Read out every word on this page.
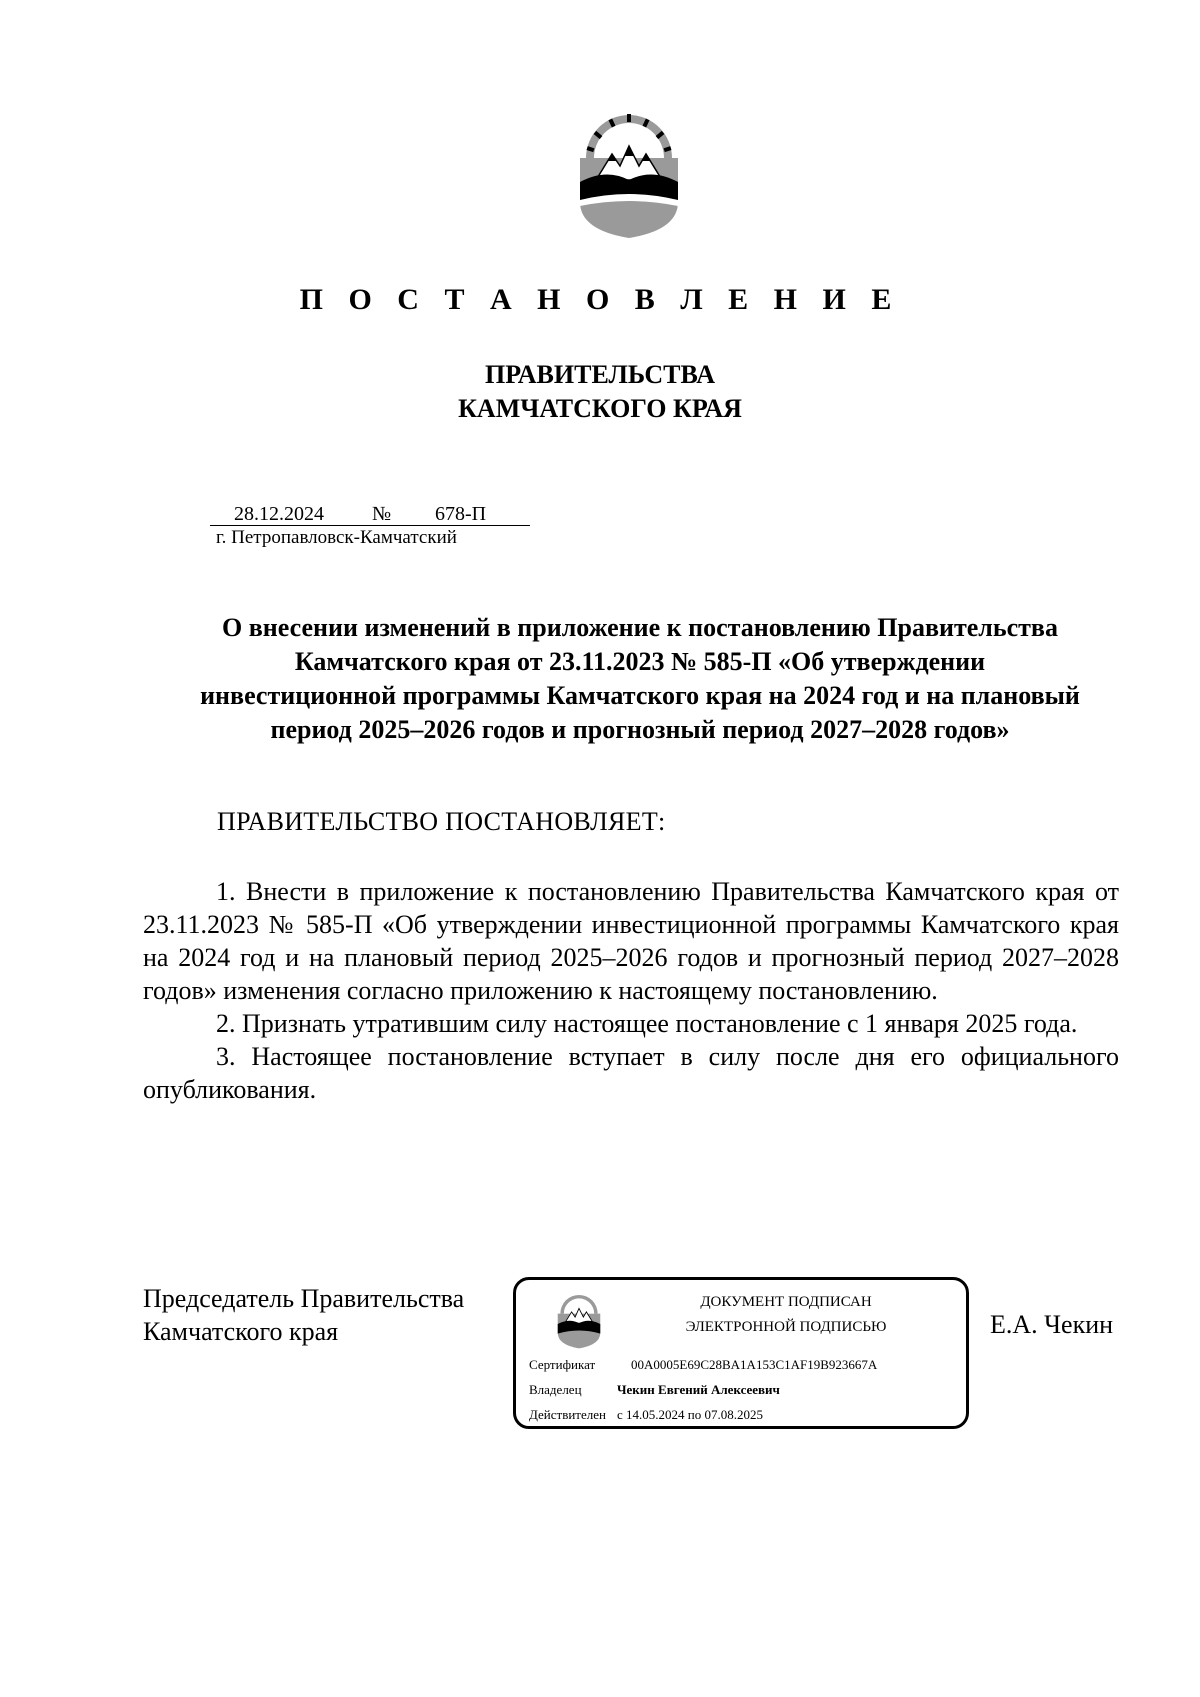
П О С Т А Н О В Л Е Н И Е
ПРАВИТЕЛЬСТВА
КАМЧАТСКОГО КРАЯ
28.12.2024 № 678-П
г. Петропавловск-Камчатский
О внесении изменений в приложение к постановлению Правительства
Камчатского края от 23.11.2023 № 585-П «Об утверждении
инвестиционной программы Камчатского края на 2024 год и на плановый
период 2025–2026 годов и прогнозный период 2027–2028 годов»
ПРАВИТЕЛЬСТВО ПОСТАНОВЛЯЕТ:

1. Внести в приложение к постановлению Правительства Камчатского края от 23.11.2023 № 585-П «Об утверждении инвестиционной программы Камчатского края на 2024 год и на плановый период 2025–2026 годов и прогнозный период 2027–2028 годов» изменения согласно приложению к настоящему постановлению.

2. Признать утратившим силу настоящее постановление с 1 января 2025 года.

3. Настоящее постановление вступает в силу после дня его официального опубликования.

Председатель Правительства
Камчатского края
ДОКУМЕНТ ПОДПИСАН
ЭЛЕКТРОННОЙ ПОДПИСЬЮ
Сертификат	00A0005E69C28BA1A153C1AF19B923667A
Владелец	Чекин Евгений Алексеевич
Действителен с 14.05.2024 по 07.08.2025
Е.А. Чекин
